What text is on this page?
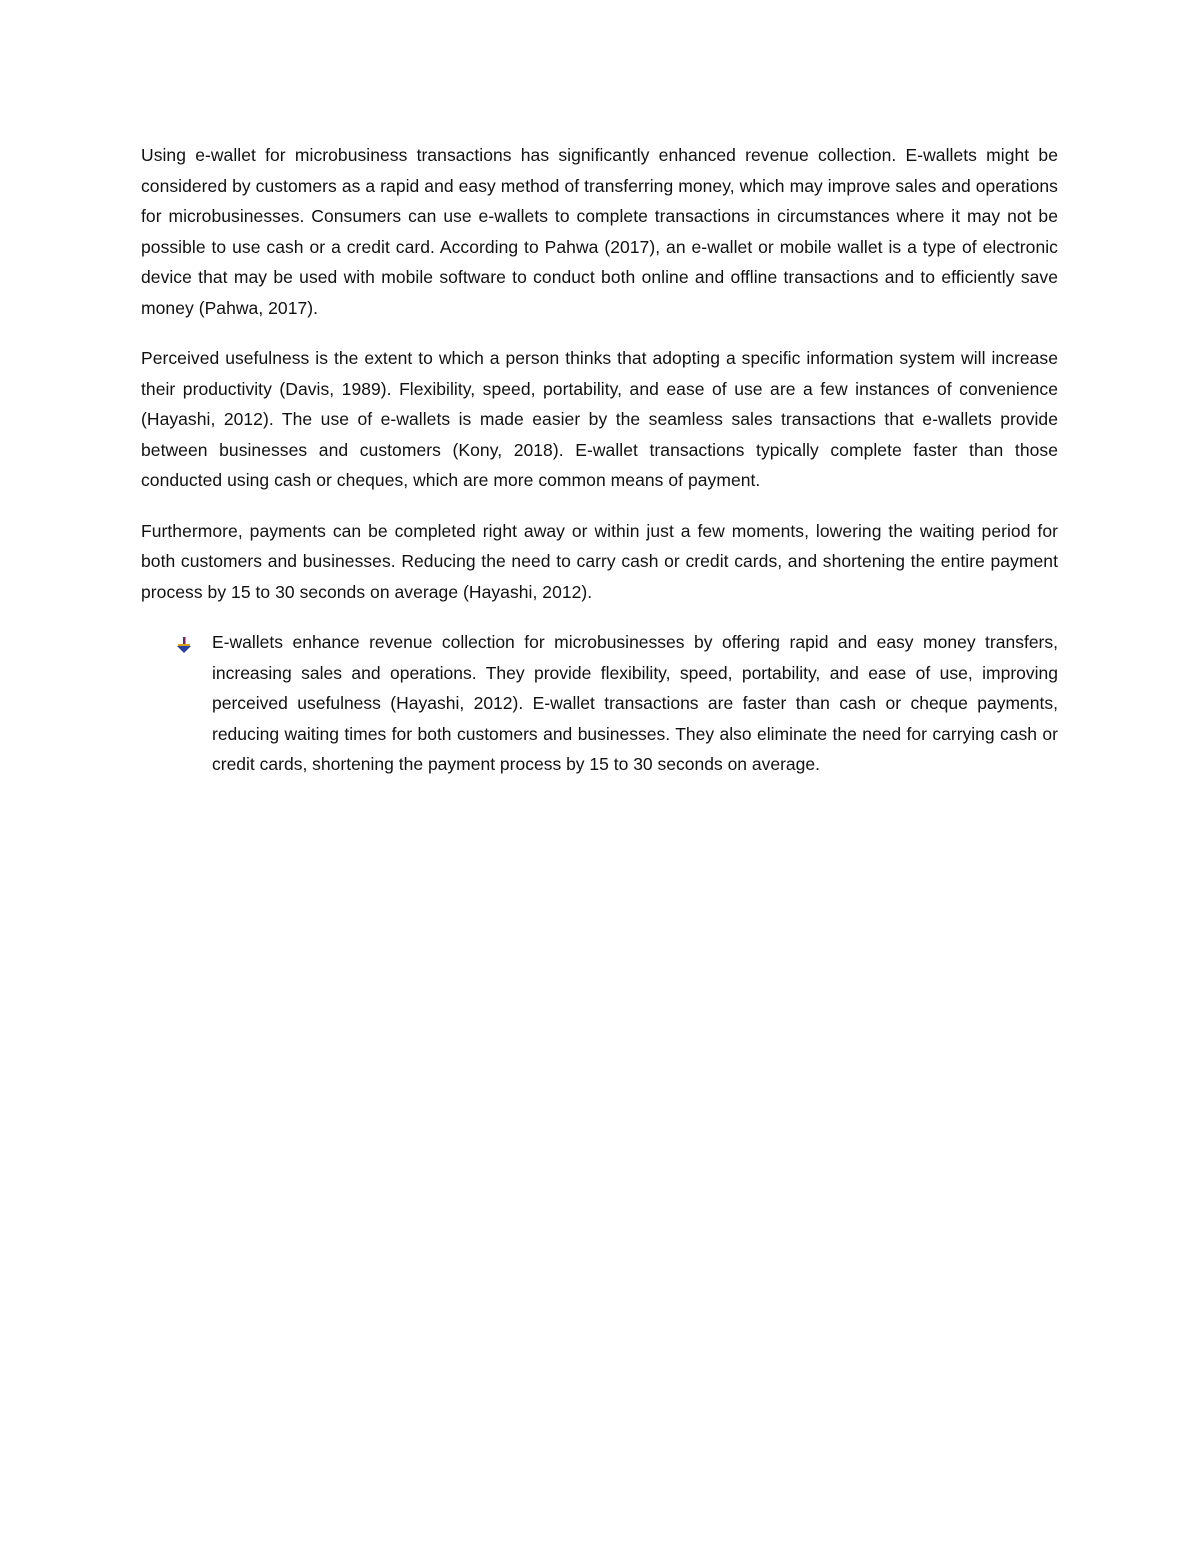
Using e-wallet for microbusiness transactions has significantly enhanced revenue collection. E-wallets might be considered by customers as a rapid and easy method of transferring money, which may improve sales and operations for microbusinesses. Consumers can use e-wallets to complete transactions in circumstances where it may not be possible to use cash or a credit card. According to Pahwa (2017), an e-wallet or mobile wallet is a type of electronic device that may be used with mobile software to conduct both online and offline transactions and to efficiently save money (Pahwa, 2017).

Perceived usefulness is the extent to which a person thinks that adopting a specific information system will increase their productivity (Davis, 1989). Flexibility, speed, portability, and ease of use are a few instances of convenience (Hayashi, 2012). The use of e-wallets is made easier by the seamless sales transactions that e-wallets provide between businesses and customers (Kony, 2018). E-wallet transactions typically complete faster than those conducted using cash or cheques, which are more common means of payment.

Furthermore, payments can be completed right away or within just a few moments, lowering the waiting period for both customers and businesses. Reducing the need to carry cash or credit cards, and shortening the entire payment process by 15 to 30 seconds on average (Hayashi, 2012).

E-wallets enhance revenue collection for microbusinesses by offering rapid and easy money transfers, increasing sales and operations. They provide flexibility, speed, portability, and ease of use, improving perceived usefulness (Hayashi, 2012). E-wallet transactions are faster than cash or cheque payments, reducing waiting times for both customers and businesses. They also eliminate the need for carrying cash or credit cards, shortening the payment process by 15 to 30 seconds on average.
